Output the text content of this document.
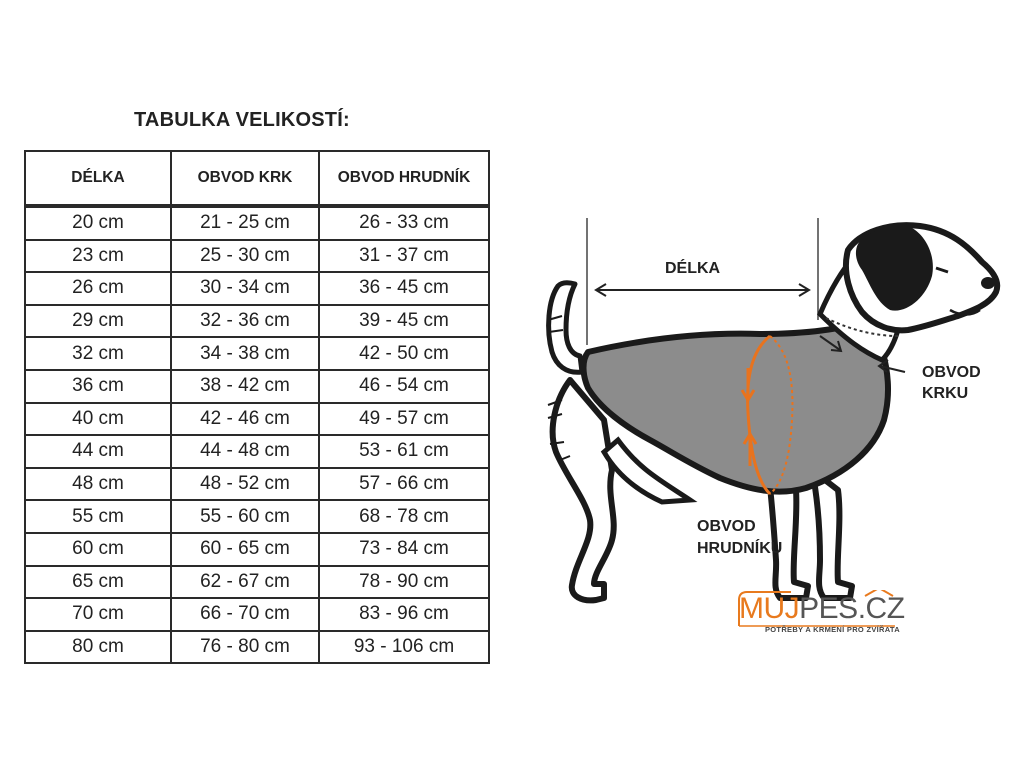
TABULKA VELIKOSTÍ:
DÉLKA	OBVOD KRK	OBVOD HRUDNÍK
20 cm	21 - 25 cm	26 - 33 cm
23 cm	25 - 30 cm	31 - 37 cm
26 cm	30 - 34 cm	36 - 45 cm
29 cm	32 - 36 cm	39 - 45 cm
32 cm	34 - 38 cm	42 - 50 cm
36 cm	38 - 42 cm	46 - 54 cm
40 cm	42 - 46 cm	49 - 57 cm
44 cm	44 - 48 cm	53 - 61 cm
48 cm	48 - 52 cm	57 - 66 cm
55 cm	55 - 60 cm	68 - 78 cm
60 cm	60 - 65 cm	73 - 84 cm
65 cm	62 - 67 cm	78 - 90 cm
70 cm	66 - 70 cm	83 - 96 cm
80 cm	76 - 80 cm	93 - 106 cm
DÉLKA
OBVOD
KRKU
OBVOD
HRUDNÍKU
MUJPES.CZ
POTŘEBY A KRMENÍ PRO ZVÍŘATA
